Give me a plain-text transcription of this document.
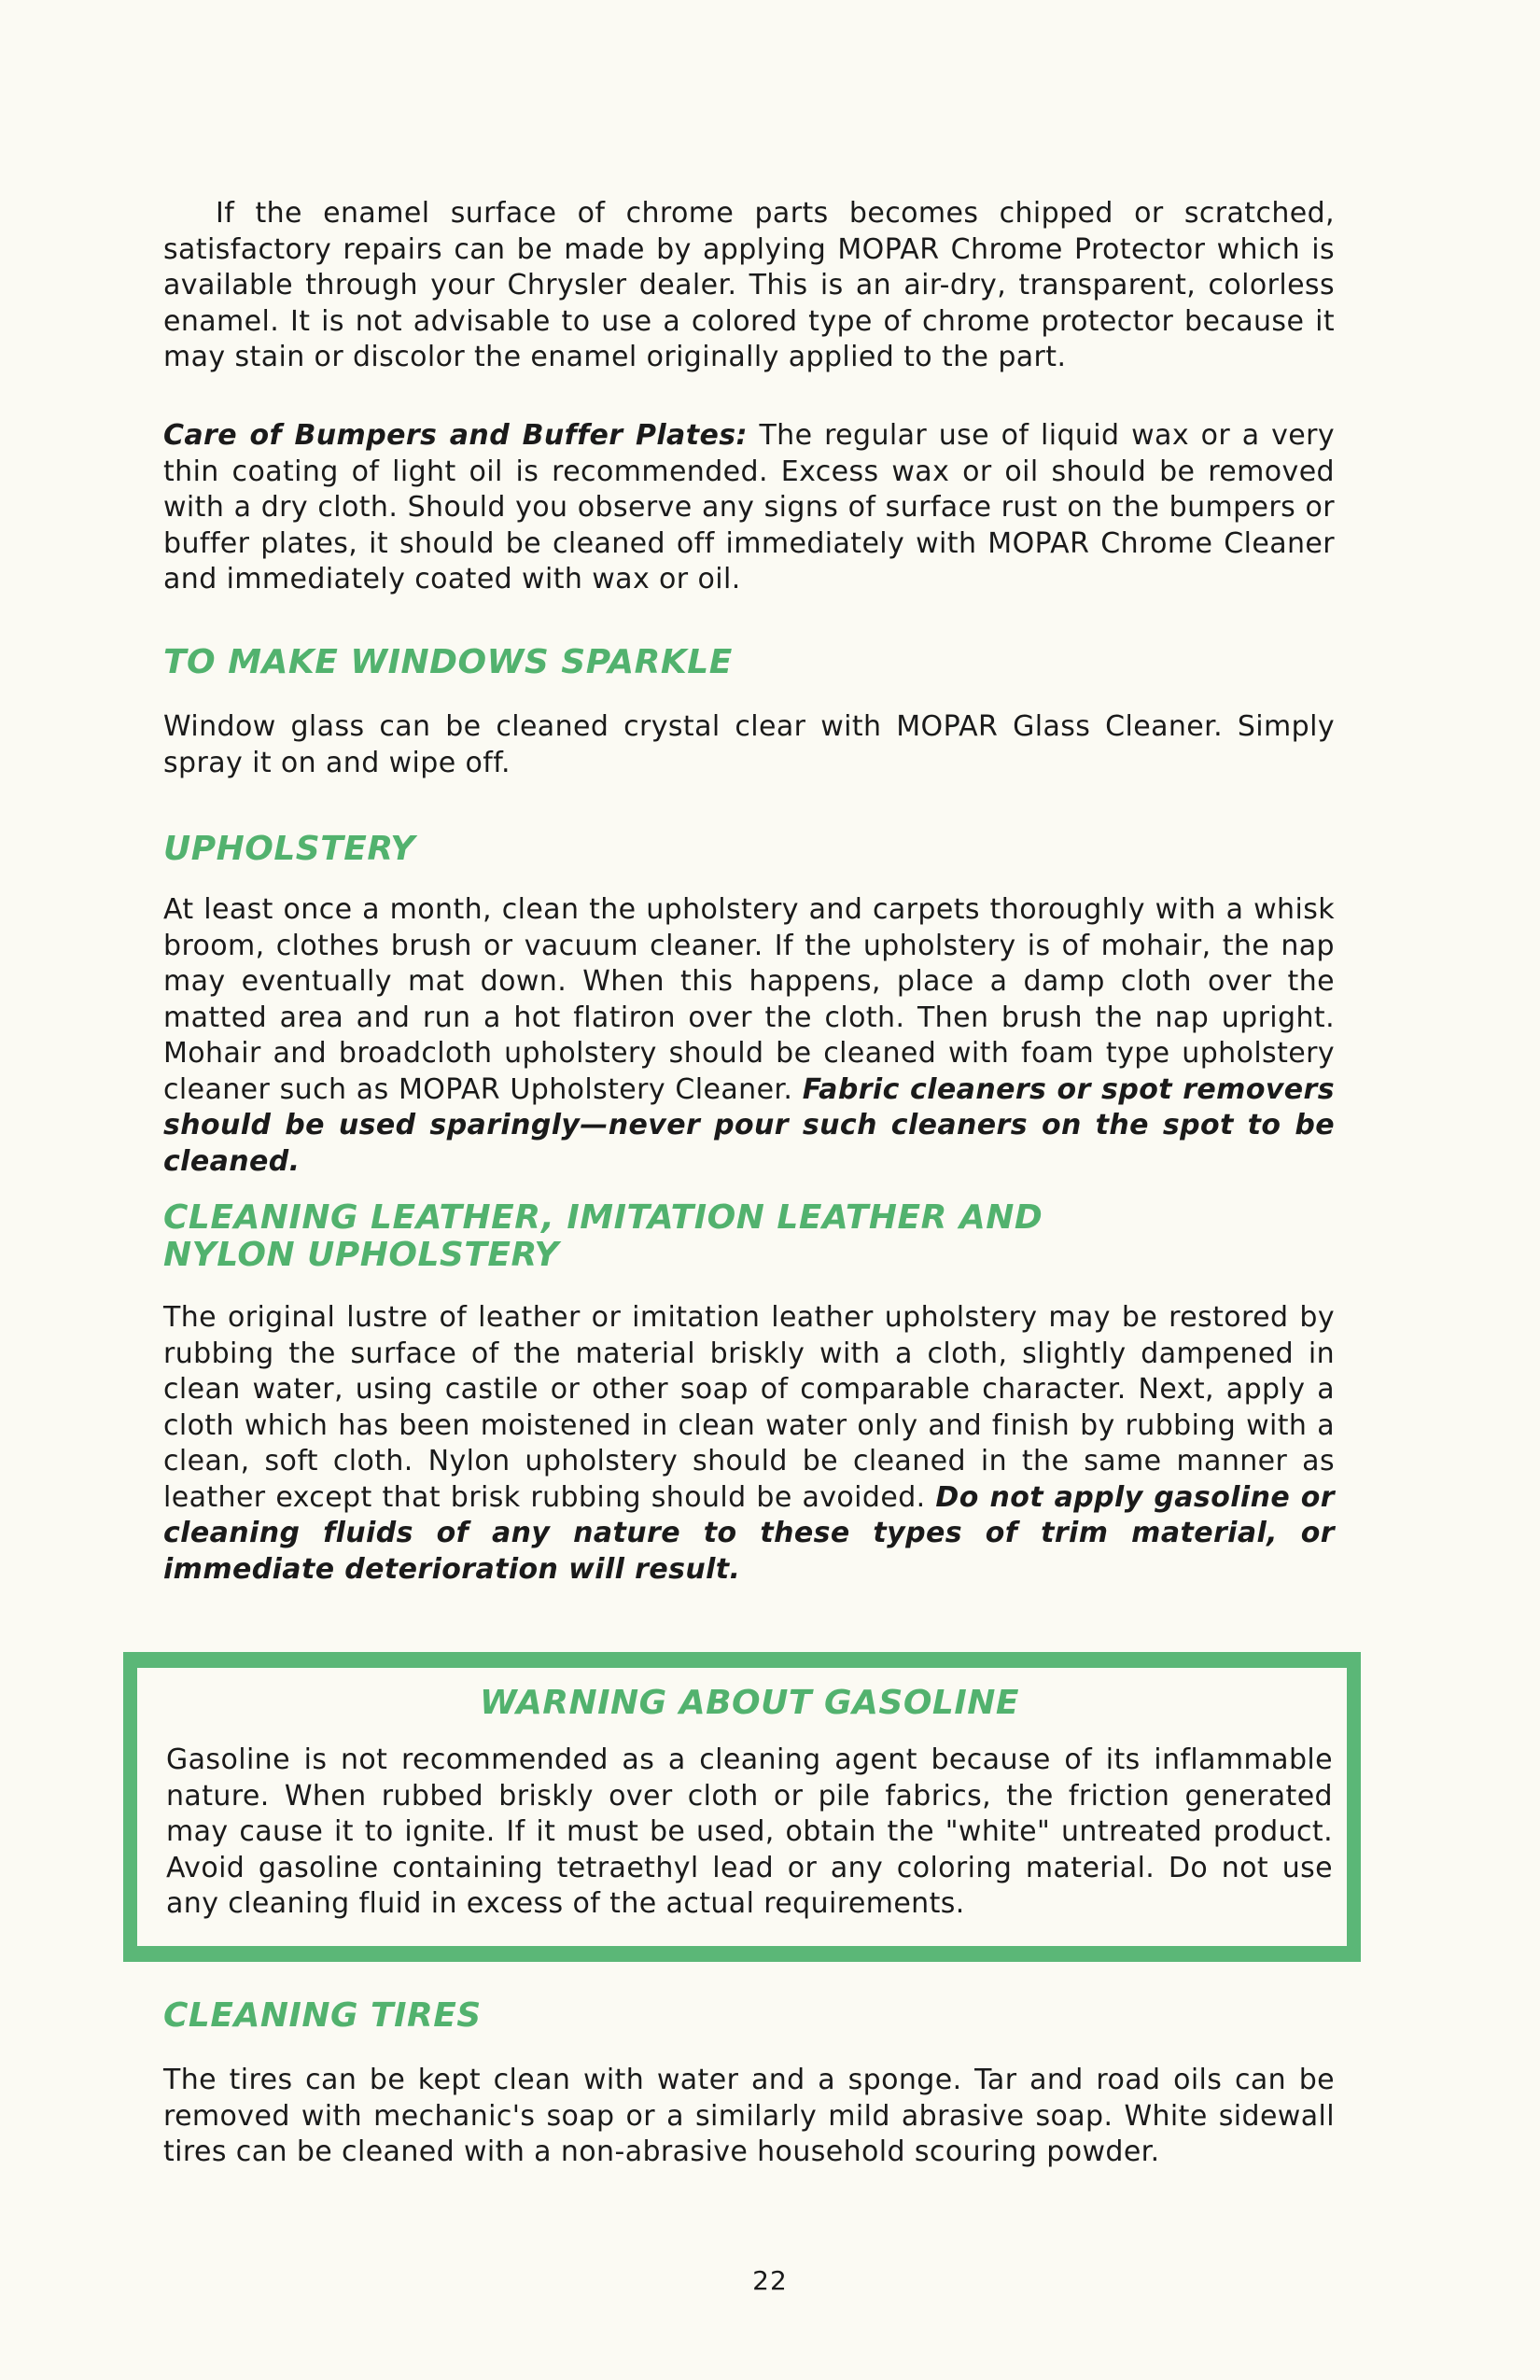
If the enamel surface of chrome parts becomes chipped or scratched, satisfactory repairs can be made by applying MOPAR Chrome Protector which is available through your Chrysler dealer. This is an air-dry, transparent, colorless enamel. It is not advisable to use a colored type of chrome protector because it may stain or discolor the enamel originally applied to the part.

Care of Bumpers and Buffer Plates: The regular use of liquid wax or a very thin coating of light oil is recommended. Excess wax or oil should be removed with a dry cloth. Should you observe any signs of surface rust on the bumpers or buffer plates, it should be cleaned off immediately with MOPAR Chrome Cleaner and immediately coated with wax or oil.

TO MAKE WINDOWS SPARKLE

Window glass can be cleaned crystal clear with MOPAR Glass Cleaner. Simply spray it on and wipe off.

UPHOLSTERY

At least once a month, clean the upholstery and carpets thoroughly with a whisk broom, clothes brush or vacuum cleaner. If the upholstery is of mohair, the nap may eventually mat down. When this happens, place a damp cloth over the matted area and run a hot flatiron over the cloth. Then brush the nap upright. Mohair and broadcloth upholstery should be cleaned with foam type upholstery cleaner such as MOPAR Upholstery Cleaner. Fabric cleaners or spot removers should be used sparingly—never pour such cleaners on the spot to be cleaned.

CLEANING LEATHER, IMITATION LEATHER AND
NYLON UPHOLSTERY

The original lustre of leather or imitation leather upholstery may be restored by rubbing the surface of the material briskly with a cloth, slightly dampened in clean water, using castile or other soap of comparable character. Next, apply a cloth which has been moistened in clean water only and finish by rubbing with a clean, soft cloth. Nylon upholstery should be cleaned in the same manner as leather except that brisk rubbing should be avoided. Do not apply gasoline or cleaning fluids of any nature to these types of trim material, or immediate deterioration will result.

WARNING ABOUT GASOLINE

Gasoline is not recommended as a cleaning agent because of its inflammable nature. When rubbed briskly over cloth or pile fabrics, the friction generated may cause it to ignite. If it must be used, obtain the "white" untreated product. Avoid gasoline containing tetraethyl lead or any coloring material. Do not use any cleaning fluid in excess of the actual requirements.

CLEANING TIRES

The tires can be kept clean with water and a sponge. Tar and road oils can be removed with mechanic's soap or a similarly mild abrasive soap. White sidewall tires can be cleaned with a non-abrasive household scouring powder.

22
